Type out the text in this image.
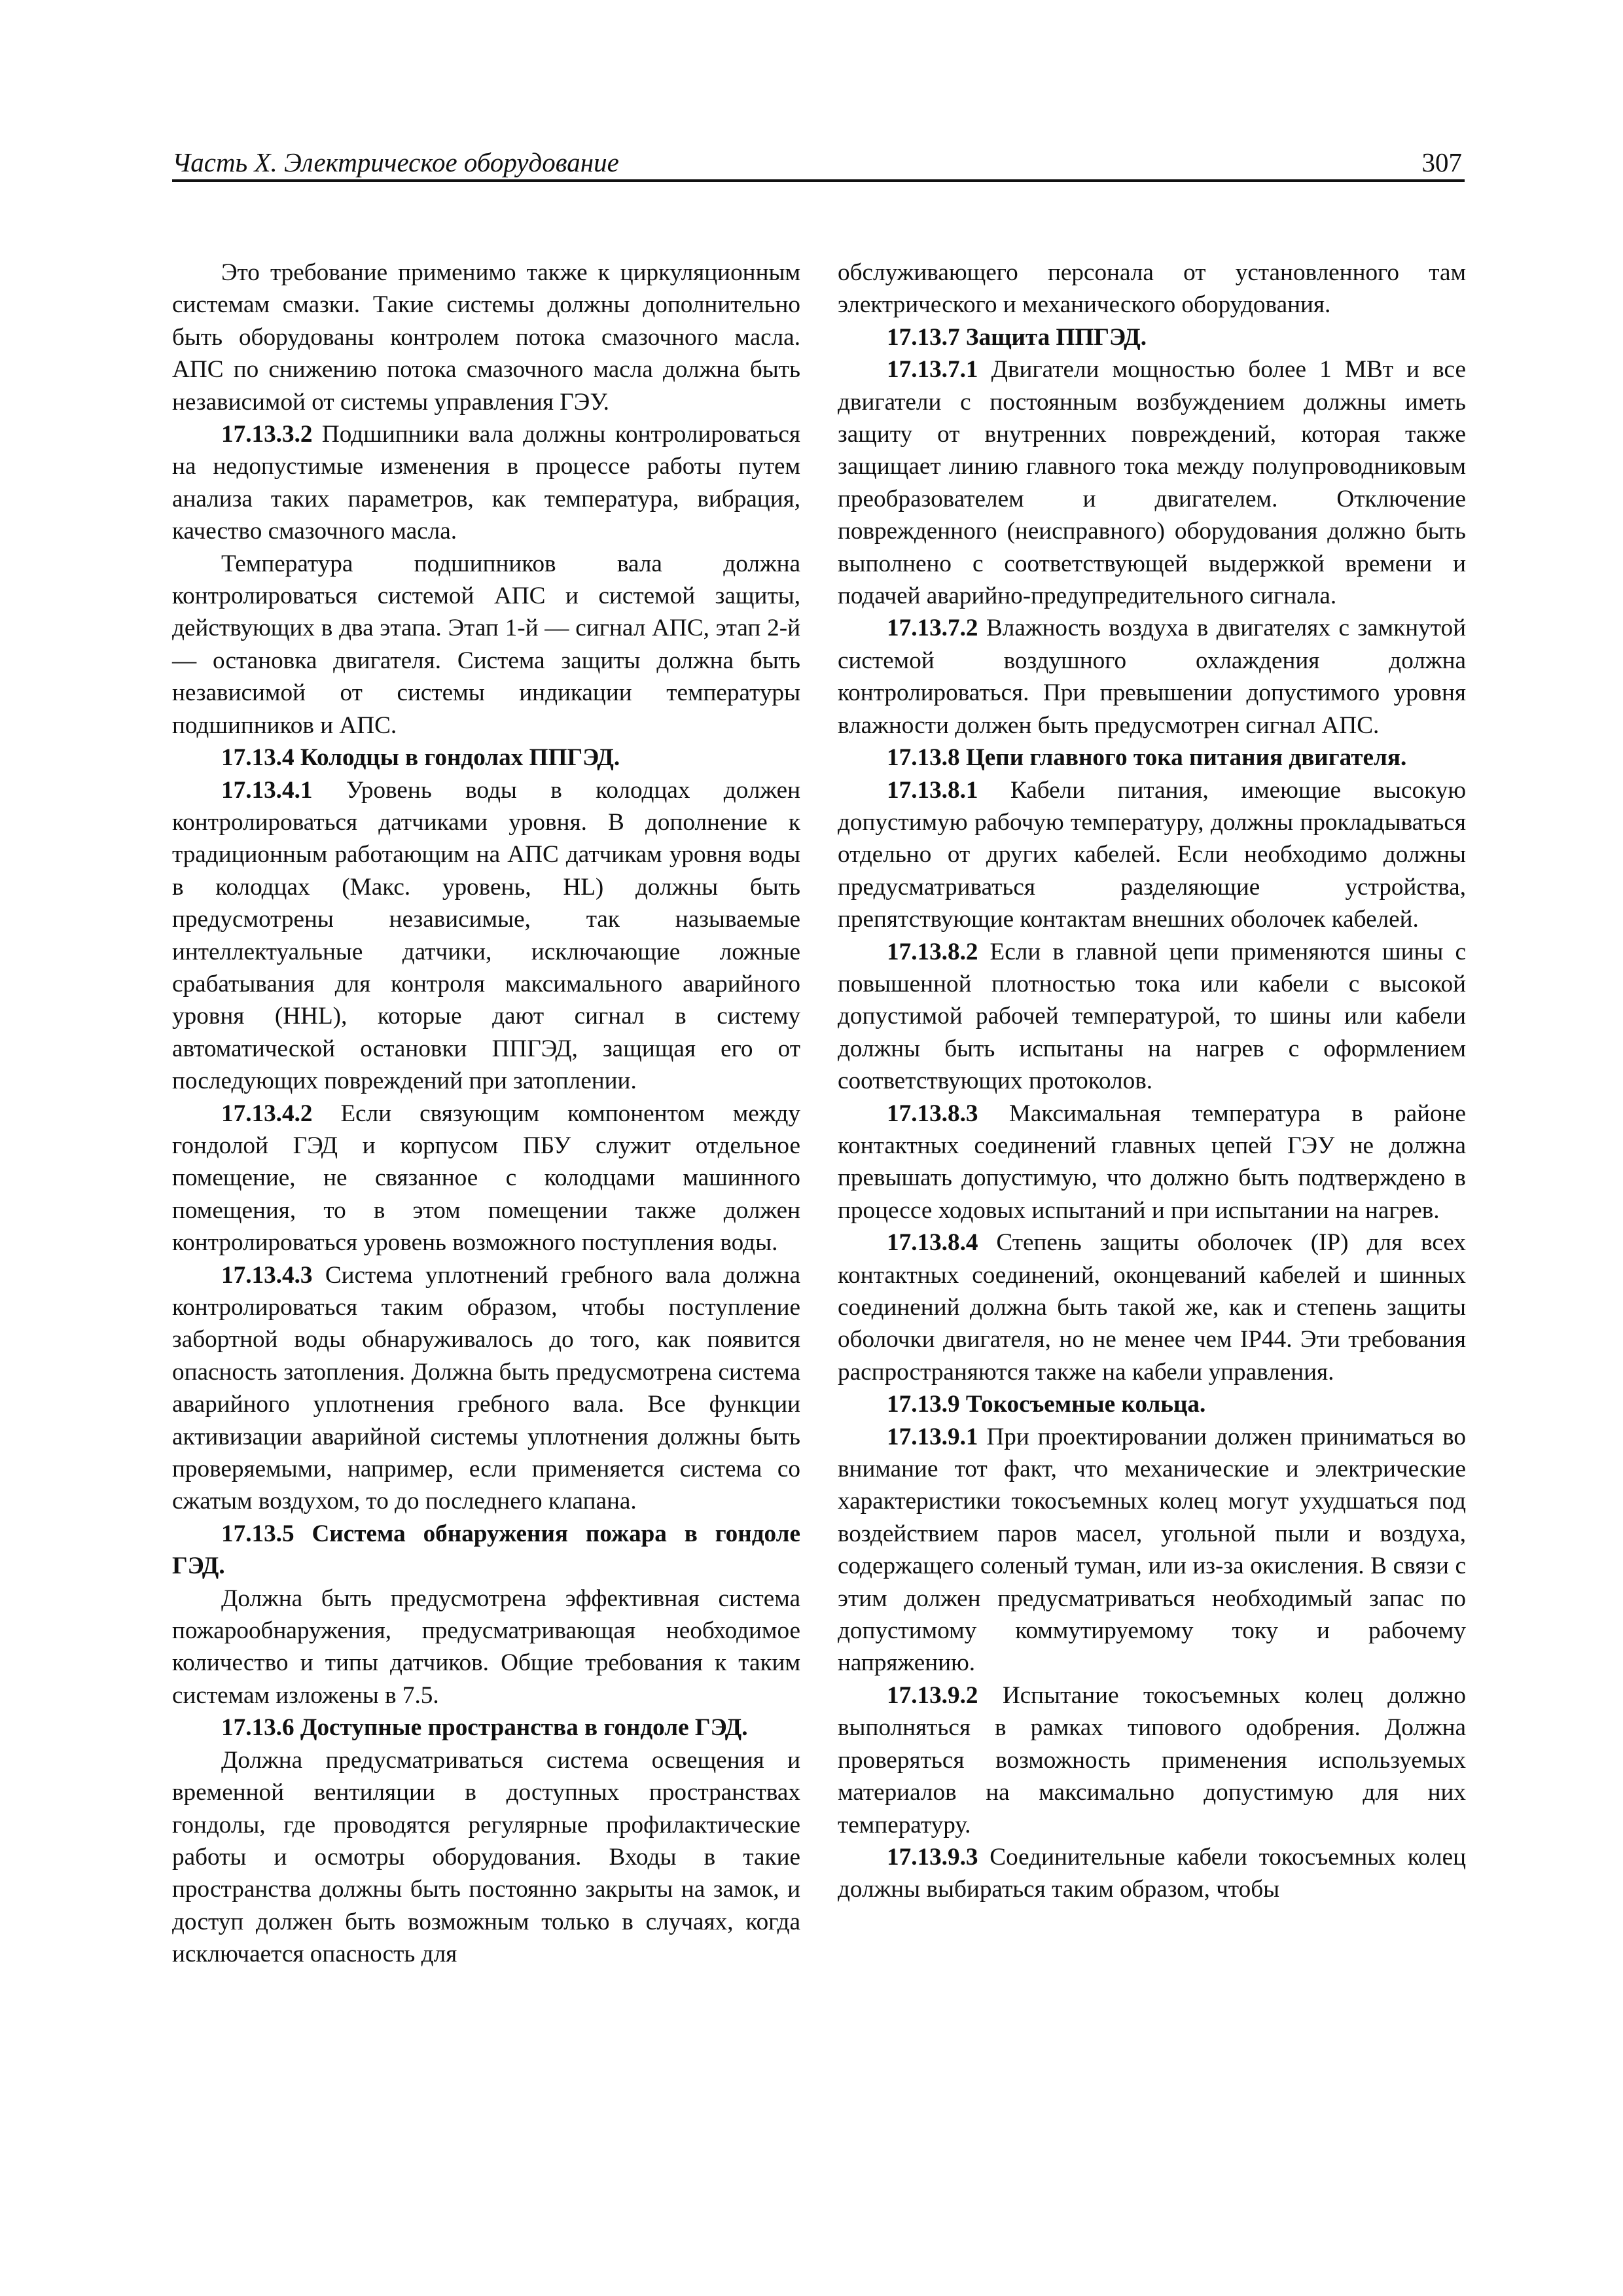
Часть X. Электрическое оборудование	307

Это требование применимо также к циркуляционным системам смазки. Такие системы должны дополнительно быть оборудованы контролем потока смазочного масла. АПС по снижению потока смазочного масла должна быть независимой от системы управления ГЭУ.

17.13.3.2 Подшипники вала должны контролироваться на недопустимые изменения в процессе работы путем анализа таких параметров, как температура, вибрация, качество смазочного масла.

Температура подшипников вала должна контролироваться системой АПС и системой защиты, действующих в два этапа. Этап 1-й — сигнал АПС, этап 2-й — остановка двигателя. Система защиты должна быть независимой от системы индикации температуры подшипников и АПС.

17.13.4 Колодцы в гондолах ППГЭД.

17.13.4.1 Уровень воды в колодцах должен контролироваться датчиками уровня. В дополнение к традиционным работающим на АПС датчикам уровня воды в колодцах (Макс. уровень, HL) должны быть предусмотрены независимые, так называемые интеллектуальные датчики, исключающие ложные срабатывания для контроля максимального аварийного уровня (HHL), которые дают сигнал в систему автоматической остановки ППГЭД, защищая его от последующих повреждений при затоплении.

17.13.4.2 Если связующим компонентом между гондолой ГЭД и корпусом ПБУ служит отдельное помещение, не связанное с колодцами машинного помещения, то в этом помещении также должен контролироваться уровень возможного поступления воды.

17.13.4.3 Система уплотнений гребного вала должна контролироваться таким образом, чтобы поступление забортной воды обнаруживалось до того, как появится опасность затопления. Должна быть предусмотрена система аварийного уплотнения гребного вала. Все функции активизации аварийной системы уплотнения должны быть проверяемыми, например, если применяется система со сжатым воздухом, то до последнего клапана.

17.13.5 Система обнаружения пожара в гондоле ГЭД.

Должна быть предусмотрена эффективная система пожарообнаружения, предусматривающая необходимое количество и типы датчиков. Общие требования к таким системам изложены в 7.5.

17.13.6 Доступные пространства в гондоле ГЭД.

Должна предусматриваться система освещения и временной вентиляции в доступных пространствах гондолы, где проводятся регулярные профилактические работы и осмотры оборудования. Входы в такие пространства должны быть постоянно закрыты на замок, и доступ должен быть возможным только в случаях, когда исключается опасность для

обслуживающего персонала от установленного там электрического и механического оборудования.

17.13.7 Защита ППГЭД.

17.13.7.1 Двигатели мощностью более 1 МВт и все двигатели с постоянным возбуждением должны иметь защиту от внутренних повреждений, которая также защищает линию главного тока между полупроводниковым преобразователем и двигателем. Отключение поврежденного (неисправного) оборудования должно быть выполнено с соответствующей выдержкой времени и подачей аварийно-предупредительного сигнала.

17.13.7.2 Влажность воздуха в двигателях с замкнутой системой воздушного охлаждения должна контролироваться. При превышении допустимого уровня влажности должен быть предусмотрен сигнал АПС.

17.13.8 Цепи главного тока питания двигателя.

17.13.8.1 Кабели питания, имеющие высокую допустимую рабочую температуру, должны прокладываться отдельно от других кабелей. Если необходимо должны предусматриваться разделяющие устройства, препятствующие контактам внешних оболочек кабелей.

17.13.8.2 Если в главной цепи применяются шины с повышенной плотностью тока или кабели с высокой допустимой рабочей температурой, то шины или кабели должны быть испытаны на нагрев с оформлением соответствующих протоколов.

17.13.8.3 Максимальная температура в районе контактных соединений главных цепей ГЭУ не должна превышать допустимую, что должно быть подтверждено в процессе ходовых испытаний и при испытании на нагрев.

17.13.8.4 Степень защиты оболочек (IP) для всех контактных соединений, оконцеваний кабелей и шинных соединений должна быть такой же, как и степень защиты оболочки двигателя, но не менее чем IP44. Эти требования распространяются также на кабели управления.

17.13.9 Токосъемные кольца.

17.13.9.1 При проектировании должен приниматься во внимание тот факт, что механические и электрические характеристики токосъемных колец могут ухудшаться под воздействием паров масел, угольной пыли и воздуха, содержащего соленый туман, или из-за окисления. В связи с этим должен предусматриваться необходимый запас по допустимому коммутируемому току и рабочему напряжению.

17.13.9.2 Испытание токосъемных колец должно выполняться в рамках типового одобрения. Должна проверяться возможность применения используемых материалов на максимально допустимую для них температуру.

17.13.9.3 Соединительные кабели токосъемных колец должны выбираться таким образом, чтобы
